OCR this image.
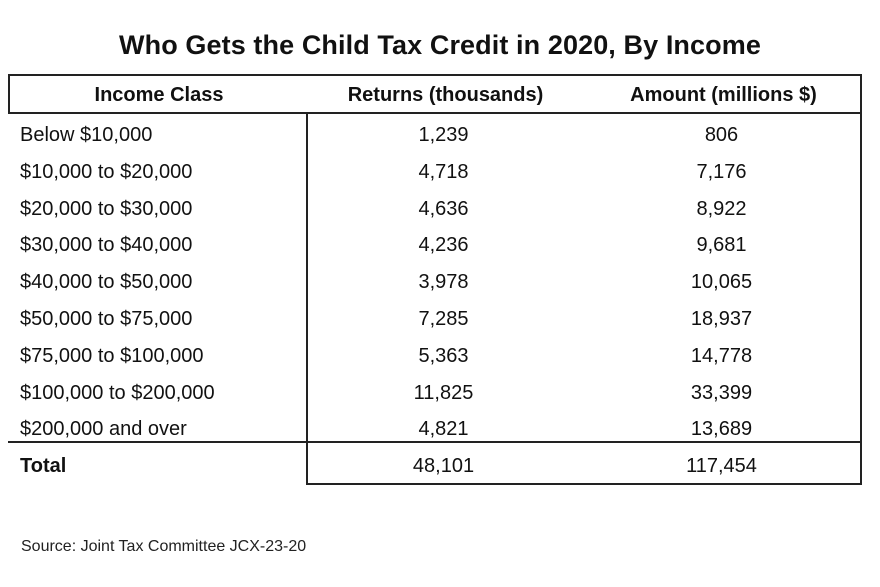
Who Gets the Child Tax Credit in 2020, By Income
Income Class	Returns (thousands)	Amount (millions $)
Below $10,000	1,239	806
$10,000 to $20,000	4,718	7,176
$20,000 to $30,000	4,636	8,922
$30,000 to $40,000	4,236	9,681
$40,000 to $50,000	3,978	10,065
$50,000 to $75,000	7,285	18,937
$75,000 to $100,000	5,363	14,778
$100,000 to $200,000	11,825	33,399
$200,000 and over	4,821	13,689
Total	48,101	117,454
Source: Joint Tax Committee JCX-23-20
